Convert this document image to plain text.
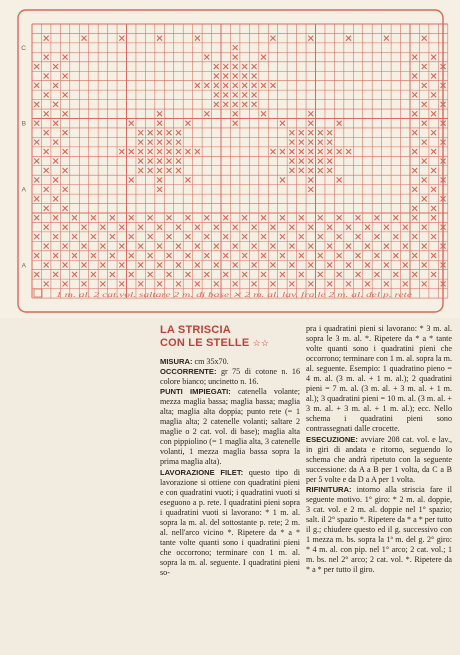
C
B
A
A
1 m. al. 2 cat.vol. saltare 2 m. di base ⨯ 2 m. al. lav. fra le 2 m. al. del p. rete
LA STRISCIA
CON LE STELLE ☆☆

MISURA: cm 35x70.

OCCORRENTE: gr 75 di cotone n. 16 colore bianco; uncinetto n. 16.

PUNTI IMPIEGATI: catenella volante; mezza maglia bassa; maglia bassa; maglia alta; maglia alta doppia; punto rete (= 1 maglia alta; 2 catenelle volanti; saltare 2 maglie o 2 cat. vol. di base); maglia alta con pippiolino (= 1 maglia alta, 3 catenelle volanti, 1 mezza maglia bassa sopra la prima maglia alta).

LAVORAZIONE FILET: questo tipo di lavorazione si ottiene con quadratini pieni e con quadratini vuoti; i quadratini vuoti si eseguono a p. rete. I quadratini pieni sopra i quadratini vuoti si lavorano: * 1 m. al. sopra la m. al. del sottostante p. rete; 2 m. al. nell'arco vicino *. Ripetere da * a * tante volte quanti sono i quadratini pieni che occorrono; terminare con 1 m. al. sopra la m. al. seguente. I quadratini pieni so-

pra i quadratini pieni si lavorano: * 3 m. al. sopra le 3 m. al. *. Ripetere da * a * tante volte quanti sono i quadratini pieni che occorrono; terminare con 1 m. al. sopra la m. al. seguente. Esempio: 1 quadratino pieno = 4 m. al. (3 m. al. + 1 m. al.); 2 quadratini pieni = 7 m. al. (3 m. al. + 3 m. al. + 1 m. al.); 3 quadratini pieni = 10 m. al. (3 m. al. + 3 m. al. + 3 m. al. + 1 m. al.); ecc. Nello schema i quadratini pieni sono contrassegnati dalle crocette.

ESECUZIONE: avviare 208 cat. vol. e lav., in giri di andata e ritorno, seguendo lo schema che andrà ripetuto con la seguente successione: da A a B per 1 volta, da C a B per 5 volte e da D a A per 1 volta.

RIFINITURA: intorno alla striscia fare il seguente motivo. 1° giro: * 2 m. al. doppie, 3 cat. vol. e 2 m. al. doppie nel 1° spazio; salt. il 2° spazio *. Ripetere da * a * per tutto il g.; chiudere questo ed il g. successivo con 1 mezza m. bs. sopra la 1ª m. del g. 2° giro: * 4 m. al. con pip. nel 1° arco; 2 cat. vol.; 1 m. bs. nel 2° arco; 2 cat. vol. *. Ripetere da * a * per tutto il giro.
